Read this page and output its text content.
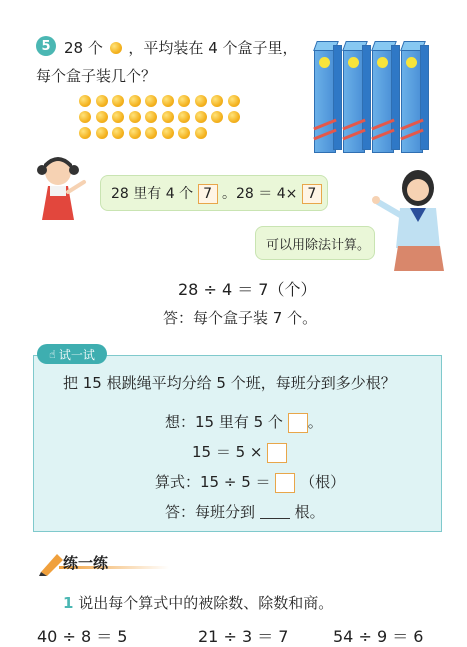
5 28 个 ，平均装在 4 个盒子里，
每个盒子装几个？
28 里有 4 个 7 。28 ＝ 4× 7
可以用除法计算。
28 ÷ 4 ＝ 7（个）
答：每个盒子装 7 个。
☝ 试一试
把 15 根跳绳平均分给 5 个班，每班分到多少根？
想：15 里有 5 个 。
15 ＝ 5 ×
算式：15 ÷ 5 ＝ （根）
答：每班分到	根。
练一练
1 说出每个算式中的被除数、除数和商。
40 ÷ 8 ＝ 5	21 ÷ 3 ＝ 7	54 ÷ 9 ＝ 6
